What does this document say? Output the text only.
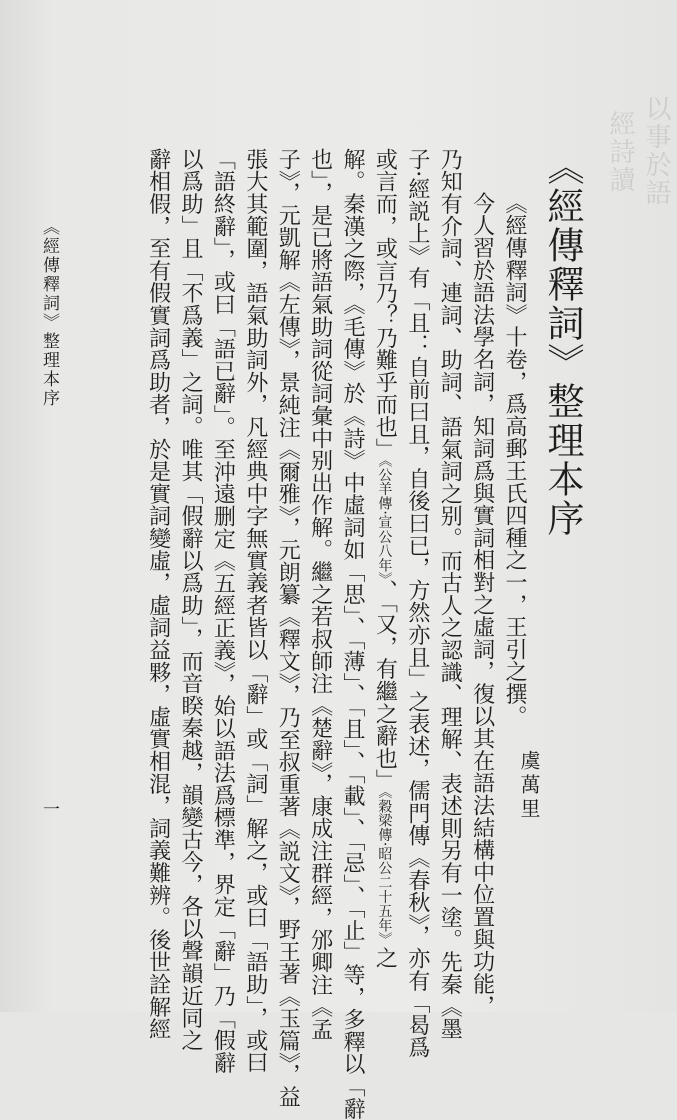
以事於語
經詩讀
《經傳釋詞》整理本序
虞萬里
《經傳釋詞》十卷，爲高郵王氏四種之一，王引之撰。
今人習於語法學名詞，知詞爲與實詞相對之虛詞，復以其在語法結構中位置與功能，
乃知有介詞、連詞、助詞、語氣詞之别。而古人之認識、理解、表述則另有一塗。先秦《墨
子·經説上》有「且：自前曰且，自後曰已，方然亦且」之表述，儒門傳《春秋》，亦有「曷爲
或言而，或言乃？乃難乎而也」《公羊傳·宣公八年》、「又，有繼之辭也」《穀梁傳·昭公二十五年》之
解。秦漢之際，《毛傳》於《詩》中虛詞如「思」、「薄」、「且」、「載」、「忌」、「止」等，多釋以「辭
也」，是已將語氣助詞從詞彙中别出作解。繼之若叔師注《楚辭》，康成注群經，邠卿注《孟
子》，元凱解《左傳》，景純注《爾雅》，元朗纂《釋文》，乃至叔重著《説文》，野王著《玉篇》，益
張大其範圍，語氣助詞外，凡經典中字無實義者皆以「辭」或「詞」解之，或曰「語助」，或曰
「語終辭」，或曰「語已辭」。至沖遠删定《五經正義》，始以語法爲標準，界定「辭」乃「假辭
以爲助」且「不爲義」之詞。唯其「假辭以爲助」，而音睽秦越，韻變古今，各以聲韻近同之
辭相假，至有假實詞爲助者，於是實詞變虛，虛詞益夥，虛實相混，詞義難辨。後世詮解經
《經傳釋詞》整理本序
一
